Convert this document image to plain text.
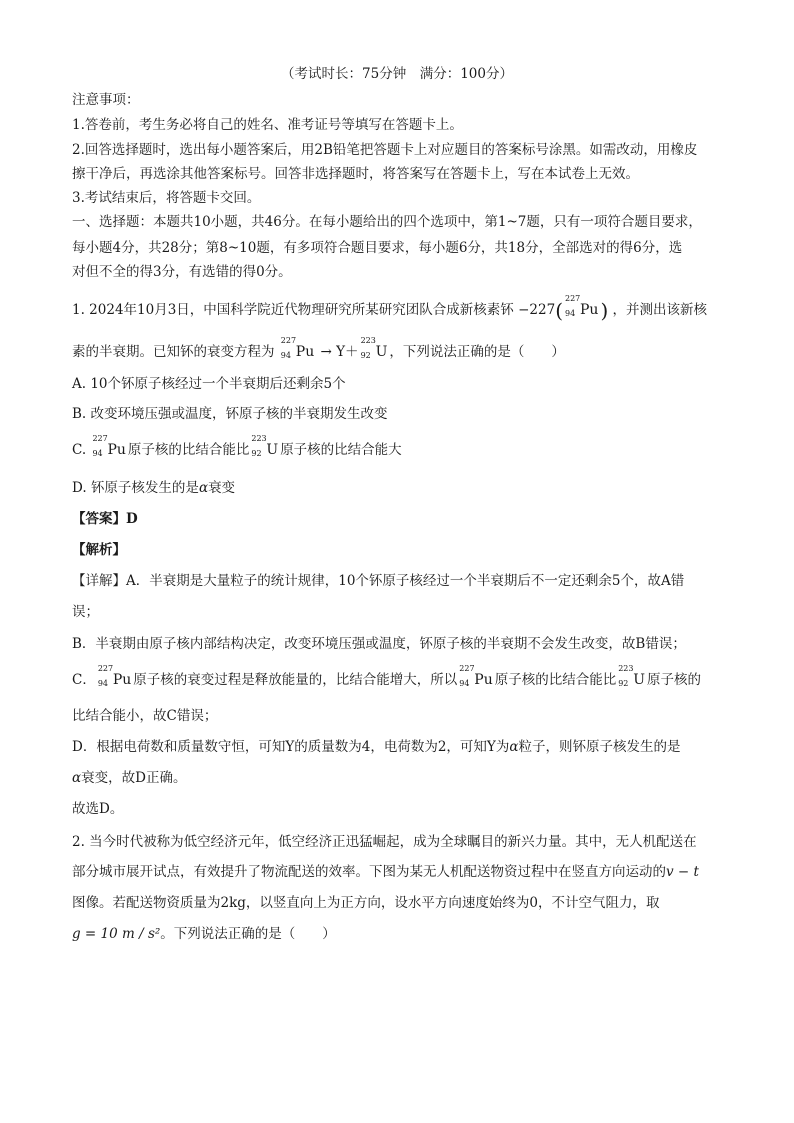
（考试时长：75分钟　满分：100分）
注意事项：
1.答卷前，考生务必将自己的姓名、准考证号等填写在答题卡上。
2.回答选择题时，选出每小题答案后，用2B铅笔把答题卡上对应题目的答案标号涂黑。如需改动，用橡皮
擦干净后，再选涂其他答案标号。回答非选择题时，将答案写在答题卡上，写在本试卷上无效。
3.考试结束后，将答题卡交回。
一、选择题：本题共10小题，共46分。在每小题给出的四个选项中，第1~7题，只有一项符合题目要求，
每小题4分，共28分；第8~10题，有多项符合题目要求，每小题6分，共18分，全部选对的得6分，选
对但不全的得3分，有选错的得0分。
1. 2024年10月3日，中国科学院近代物理研究所某研究团队合成新核素钚 −227( 227
94 Pu ) ，并测出该新核
素的半衰期。已知钚的衰变方程为
227
94 Pu → Y＋
223
92 U ，下列说法正确的是（　　）
A. 10个钚原子核经过一个半衰期后还剩余5个
B. 改变环境压强或温度，钚原子核的半衰期发生改变
C.
227
94 Pu 原子核的比结合能比
223
92 U 原子核的比结合能大
D. 钚原子核发生的是α衰变
【答案】D
【解析】
【详解】A．半衰期是大量粒子的统计规律，10个钚原子核经过一个半衰期后不一定还剩余5个，故A错
误；
B．半衰期由原子核内部结构决定，改变环境压强或温度，钚原子核的半衰期不会发生改变，故B错误；
C．
227
94 Pu 原子核的衰变过程是释放能量的，比结合能增大，所以
227
94 Pu 原子核的比结合能比
223
92 U 原子核的
比结合能小，故C错误；
D．根据电荷数和质量数守恒，可知Y的质量数为4，电荷数为2，可知Y为α粒子，则钚原子核发生的是
α衰变，故D正确。
故选D。
2. 当今时代被称为低空经济元年，低空经济正迅猛崛起，成为全球瞩目的新兴力量。其中，无人机配送在
部分城市展开试点，有效提升了物流配送的效率。下图为某无人机配送物资过程中在竖直方向运动的v − t
图像。若配送物资质量为2kg，以竖直向上为正方向，设水平方向速度始终为0，不计空气阻力，取
g = 10 m / s²。下列说法正确的是（　　）
